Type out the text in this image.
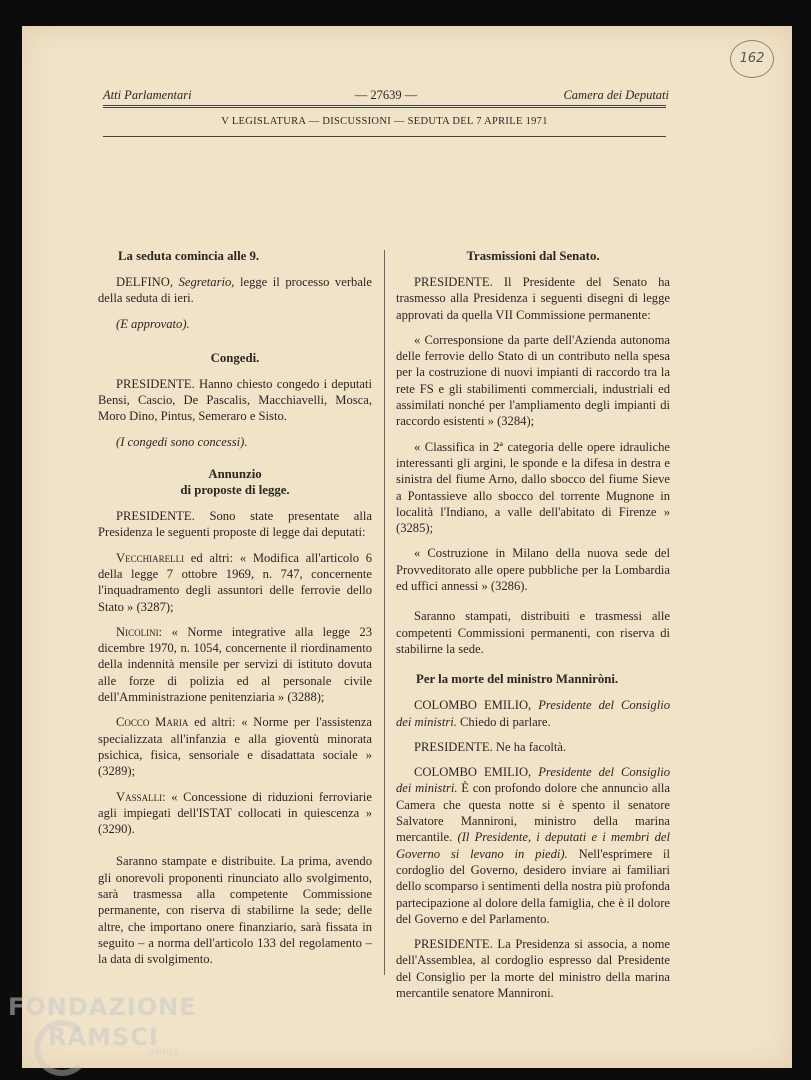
162
Atti Parlamentari	— 27639 —	Camera dei Deputati
V LEGISLATURA — DISCUSSIONI — SEDUTA DEL 7 APRILE 1971
La seduta comincia alle 9.

DELFINO, Segretario, legge il processo verbale della seduta di ieri.

(E approvato).

Congedi.

PRESIDENTE. Hanno chiesto congedo i deputati Bensi, Cascio, De Pascalis, Macchiavelli, Mosca, Moro Dino, Pintus, Semeraro e Sisto.

(I congedi sono concessi).

Annunzio
di proposte di legge.

PRESIDENTE. Sono state presentate alla Presidenza le seguenti proposte di legge dai deputati:

Vecchiarelli ed altri: « Modifica all'articolo 6 della legge 7 ottobre 1969, n. 747, concernente l'inquadramento degli assuntori delle ferrovie dello Stato » (3287);

Nicolini: « Norme integrative alla legge 23 dicembre 1970, n. 1054, concernente il riordinamento della indennità mensile per servizi di istituto dovuta alle forze di polizia ed al personale civile dell'Amministrazione penitenziaria » (3288);

Cocco Maria ed altri: « Norme per l'assistenza specializzata all'infanzia e alla gioventù minorata psichica, fisica, sensoriale e disadattata sociale » (3289);

Vassalli: « Concessione di riduzioni ferroviarie agli impiegati dell'ISTAT collocati in quiescenza » (3290).

Saranno stampate e distribuite. La prima, avendo gli onorevoli proponenti rinunciato allo svolgimento, sarà trasmessa alla competente Commissione permanente, con riserva di stabilirne la sede; delle altre, che importano onere finanziario, sarà fissata in seguito – a norma dell'articolo 133 del regolamento – la data di svolgimento.

Trasmissioni dal Senato.

PRESIDENTE. Il Presidente del Senato ha trasmesso alla Presidenza i seguenti disegni di legge approvati da quella VII Commissione permanente:

« Corresponsione da parte dell'Azienda autonoma delle ferrovie dello Stato di un contributo nella spesa per la costruzione di nuovi impianti di raccordo tra la rete FS e gli stabilimenti commerciali, industriali ed assimilati nonché per l'ampliamento degli impianti di raccordo esistenti » (3284);

« Classifica in 2ª categoria delle opere idrauliche interessanti gli argini, le sponde e la difesa in destra e sinistra del fiume Arno, dallo sbocco del fiume Sieve a Pontassieve allo sbocco del torrente Mugnone in località l'Indiano, a valle dell'abitato di Firenze » (3285);

« Costruzione in Milano della nuova sede del Provveditorato alle opere pubbliche per la Lombardia ed uffici annessi » (3286).

Saranno stampati, distribuiti e trasmessi alle competenti Commissioni permanenti, con riserva di stabilirne la sede.

Per la morte del ministro Manniròni.

COLOMBO EMILIO, Presidente del Consiglio dei ministri. Chiedo di parlare.

PRESIDENTE. Ne ha facoltà.

COLOMBO EMILIO, Presidente del Consiglio dei ministri. È con profondo dolore che annuncio alla Camera che questa notte si è spento il senatore Salvatore Mannironi, ministro della marina mercantile. (Il Presidente, i deputati e i membri del Governo si levano in piedi). Nell'esprimere il cordoglio del Governo, desidero inviare ai familiari dello scomparso i sentimenti della nostra più profonda partecipazione al dolore della famiglia, che è il dolore del Governo e del Parlamento.

PRESIDENTE. La Presidenza si associa, a nome dell'Assemblea, al cordoglio espresso dal Presidente del Consiglio per la morte del ministro della marina mercantile senatore Mannironi.

FONDAZIONE
RAMSCI
onlus
